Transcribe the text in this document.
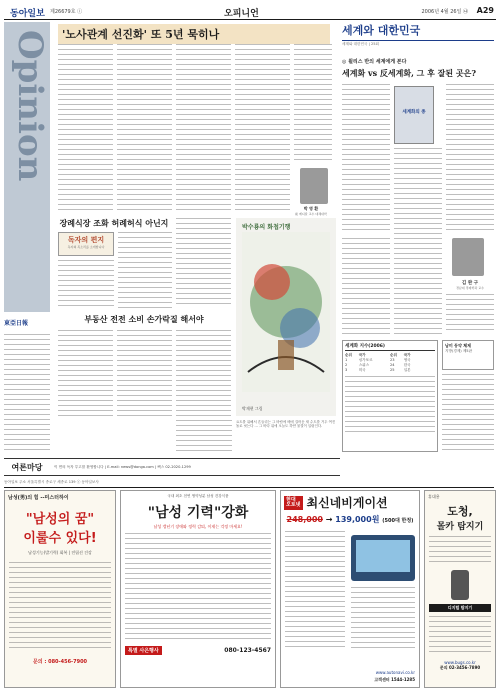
동아일보 제26679호 ⓘ	오피니언	2006년 4월 26일 ㉯ A29
Opinion	'노사관계 선진화' 또 5년 묵히나
박 영 환
前 메디칼 교수 대체대학
東亞日報
장례식장 조화 허례허식 아닌지
독자의 편지
독자의 목소리를 소개합니다
부동산 전전 소비 손가락질 해서야
박수룡의 화첩기행
박재현 그림
요트를 위해서 흔들리는 그 바람에 배에 걸어둔 새 수트를 거두 여진 돌로 씻는다 ... 그 바다 위에 오늘도 하얀 물결이 일렁인다.
여론마당	이 면의 독자 투고를 환영합니다 | E-mail: news@donga.com | 팩스 02-2020-1299
세계와 대한민국
세계와 대한민국 | 25회
◎ 윌리스 반의 세계에게 본다
세계화 vs 反세계화, 그 후 잘된 곳은?
세계화의 종
김 완 구
경남대 경제학과 교수
세계화 지수(2006)
순위	국가	순위	국가
1	싱가포르	23	영국
2	스위스	24	한국
3	미국	25	일본
남미 동약 체제
지방(경제) 제5판
동아일보 주소 서울특별시 종로구 세종로 139 ⓒ 동아일보사
남성(男)의 힘 --미스터하이
"남성의 꿈"
이룰수 있다!
남성기능(발기력) 회복 | 전립선 건강
문의 : 080-456-7900
국내 최초 천연 생약성분 남성 건강식품
"남성 기력"강화
남성 갱년기 장애와 정력 감퇴, 이제는 걱정 마세요!
특별 사은행사	080-123-4567
현대
오토넷 최신네비게이션
248,000 → 139,000원 (500대 한정)
www.autonavi.co.kr
고객센터 1544-1285
휴대용
도청,
몰카 탐지기
디지털 탐지기
www.bugs.co.kr
문의 02-3456-7890
